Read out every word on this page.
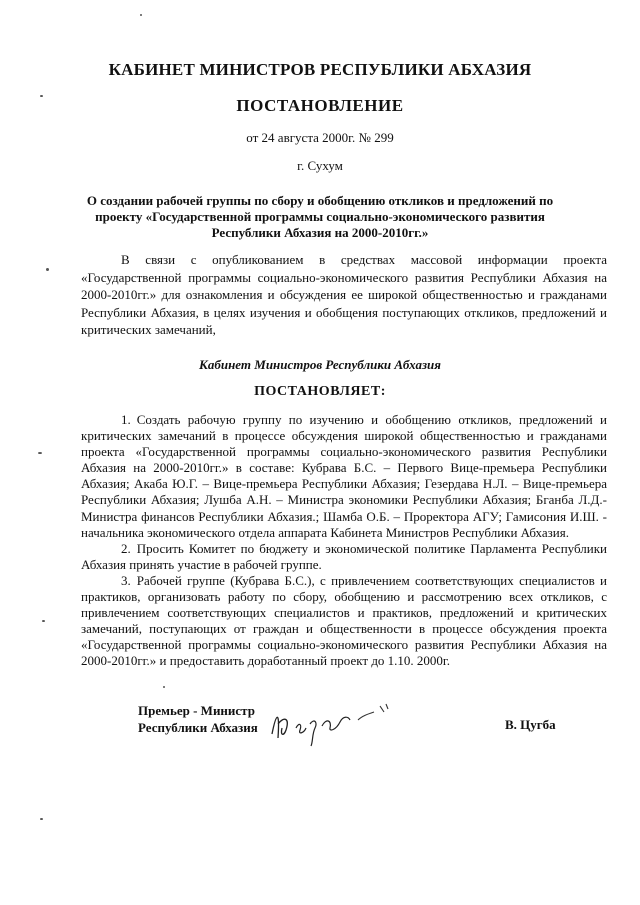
КАБИНЕТ МИНИСТРОВ РЕСПУБЛИКИ АБХАЗИЯ
ПОСТАНОВЛЕНИЕ
от 24 августа 2000г. № 299
г. Сухум
О создании рабочей группы по сбору и обобщению откликов и предложений по
проекту «Государственной программы социально-экономического развития
Республики Абхазия на 2000-2010гг.»

В связи с опубликованием в средствах массовой информации проекта «Государственной программы социально-экономического развития Республики Абхазия на 2000-2010гг.» для ознакомления и обсуждения ее широкой общественностью и гражданами Республики Абхазия, в целях изучения и обобщения поступающих откликов, предложений и критических замечаний,

Кабинет Министров Республики Абхазия
ПОСТАНОВЛЯЕТ:

1. Создать рабочую группу по изучению и обобщению откликов, предложений и критических замечаний в процессе обсуждения широкой общественностью и гражданами проекта «Государственной программы социально-экономического развития Республики Абхазия на 2000-2010гг.» в составе: Кубрава Б.С. – Первого Вице-премьера Республики Абхазия; Акаба Ю.Г. – Вице-премьера Республики Абхазия; Гезердава Н.Л. – Вице-премьера Республики Абхазия; Лушба А.Н. – Министра экономики Республики Абхазия; Бганба Л.Д.- Министра финансов Республики Абхазия.; Шамба О.Б. – Проректора АГУ; Гамисония И.Ш. - начальника экономического отдела аппарата Кабинета Министров Республики Абхазия.

2. Просить Комитет по бюджету и экономической политике Парламента Республики Абхазия принять участие в рабочей группе.

3. Рабочей группе (Кубрава Б.С.), с привлечением соответствующих специалистов и практиков, организовать работу по сбору, обобщению и рассмотрению всех откликов, с привлечением соответствующих специалистов и практиков, предложений и критических замечаний, поступающих от граждан и общественности в процессе обсуждения проекта «Государственной программы социально-экономического развития Республики Абхазия на 2000-2010гг.» и предоставить доработанный проект до 1.10. 2000г.

Премьер - Министр
Республики Абхазия	В. Цугба
